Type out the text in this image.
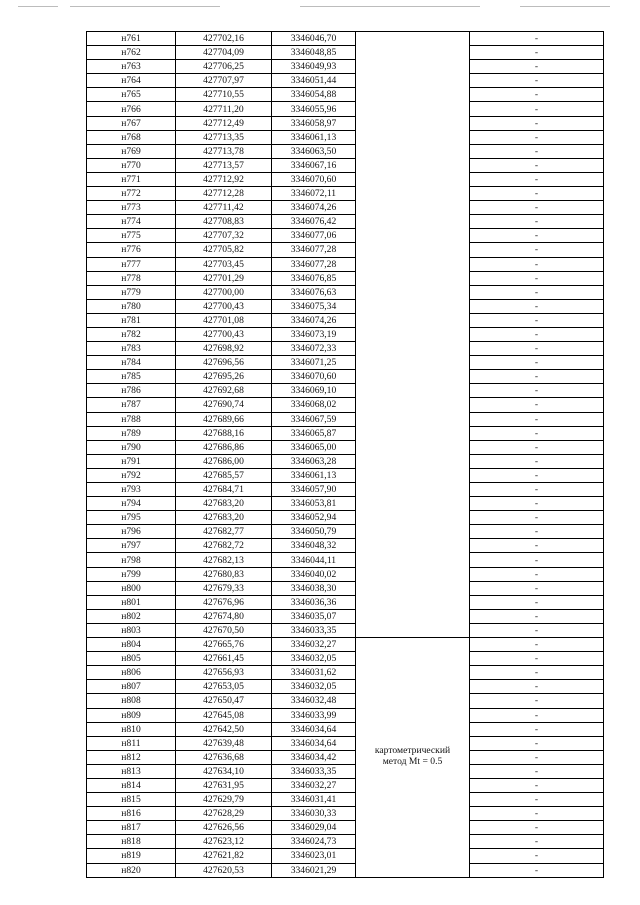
н761	427702,16	3346046,70		-
н762	427704,09	3346048,85		-
н763	427706,25	3346049,93		-
н764	427707,97	3346051,44		-
н765	427710,55	3346054,88		-
н766	427711,20	3346055,96		-
н767	427712,49	3346058,97		-
н768	427713,35	3346061,13		-
н769	427713,78	3346063,50		-
н770	427713,57	3346067,16		-
н771	427712,92	3346070,60		-
н772	427712,28	3346072,11		-
н773	427711,42	3346074,26		-
н774	427708,83	3346076,42		-
н775	427707,32	3346077,06		-
н776	427705,82	3346077,28		-
н777	427703,45	3346077,28		-
н778	427701,29	3346076,85		-
н779	427700,00	3346076,63		-
н780	427700,43	3346075,34		-
н781	427701,08	3346074,26		-
н782	427700,43	3346073,19		-
н783	427698,92	3346072,33		-
н784	427696,56	3346071,25		-
н785	427695,26	3346070,60		-
н786	427692,68	3346069,10		-
н787	427690,74	3346068,02		-
н788	427689,66	3346067,59		-
н789	427688,16	3346065,87		-
н790	427686,86	3346065,00		-
н791	427686,00	3346063,28		-
н792	427685,57	3346061,13		-
н793	427684,71	3346057,90		-
н794	427683,20	3346053,81		-
н795	427683,20	3346052,94		-
н796	427682,77	3346050,79		-
н797	427682,72	3346048,32		-
н798	427682,13	3346044,11		-
н799	427680,83	3346040,02		-
н800	427679,33	3346038,30		-
н801	427676,96	3346036,36		-
н802	427674,80	3346035,07		-
н803	427670,50	3346033,35		-
н804	427665,76	3346032,27	картометрический
метод Mt = 0.5	-
н805	427661,45	3346032,05		-
н806	427656,93	3346031,62		-
н807	427653,05	3346032,05		-
н808	427650,47	3346032,48		-
н809	427645,08	3346033,99		-
н810	427642,50	3346034,64		-
н811	427639,48	3346034,64		-
н812	427636,68	3346034,42		-
н813	427634,10	3346033,35		-
н814	427631,95	3346032,27		-
н815	427629,79	3346031,41		-
н816	427628,29	3346030,33		-
н817	427626,56	3346029,04		-
н818	427623,12	3346024,73		-
н819	427621,82	3346023,01		-
н820	427620,53	3346021,29		-
